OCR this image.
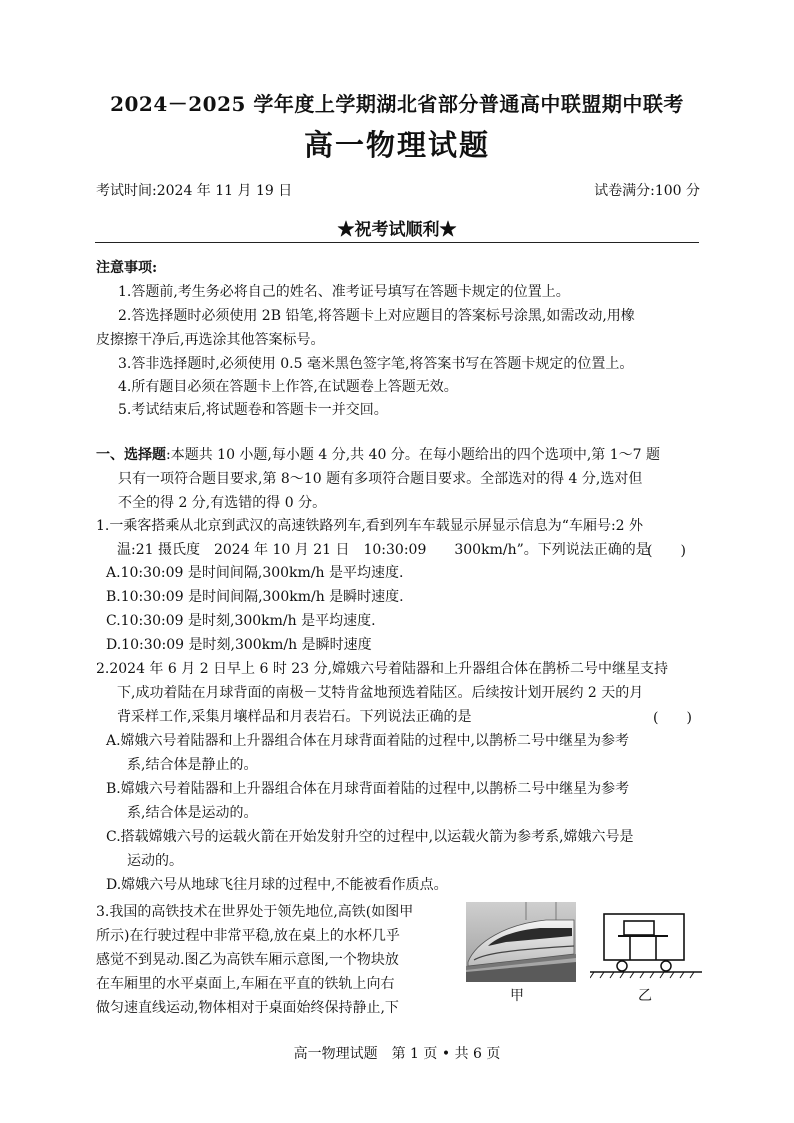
2024－2025 学年度上学期湖北省部分普通高中联盟期中联考
高一物理试题
考试时间:2024 年 11 月 19 日	试卷满分:100 分
★祝考试顺利★
注意事项:
1.答题前,考生务必将自己的姓名、准考证号填写在答题卡规定的位置上。
2.答选择题时必须使用 2B 铅笔,将答题卡上对应题目的答案标号涂黑,如需改动,用橡
皮擦擦干净后,再选涂其他答案标号。
3.答非选择题时,必须使用 0.5 毫米黑色签字笔,将答案书写在答题卡规定的位置上。
4.所有题目必须在答题卡上作答,在试题卷上答题无效。
5.考试结束后,将试题卷和答题卡一并交回。
一、选择题:本题共 10 小题,每小题 4 分,共 40 分。在每小题给出的四个选项中,第 1～7 题
只有一项符合题目要求,第 8～10 题有多项符合题目要求。全部选对的得 4 分,选对但
不全的得 2 分,有选错的得 0 分。
1.一乘客搭乘从北京到武汉的高速铁路列车,看到列车车载显示屏显示信息为“车厢号:2 外
温:21 摄氏度　2024 年 10 月 21 日　10:30:09　　300km/h”。下列说法正确的是
(　　)
A.10:30:09 是时间间隔,300km/h 是平均速度.
B.10:30:09 是时间间隔,300km/h 是瞬时速度.
C.10:30:09 是时刻,300km/h 是平均速度.
D.10:30:09 是时刻,300km/h 是瞬时速度
2.2024 年 6 月 2 日早上 6 时 23 分,嫦娥六号着陆器和上升器组合体在鹊桥二号中继星支持
下,成功着陆在月球背面的南极－艾特肯盆地预选着陆区。后续按计划开展约 2 天的月
背采样工作,采集月壤样品和月表岩石。下列说法正确的是	(　　)
A.嫦娥六号着陆器和上升器组合体在月球背面着陆的过程中,以鹊桥二号中继星为参考
系,结合体是静止的。
B.嫦娥六号着陆器和上升器组合体在月球背面着陆的过程中,以鹊桥二号中继星为参考
系,结合体是运动的。
C.搭载嫦娥六号的运载火箭在开始发射升空的过程中,以运载火箭为参考系,嫦娥六号是
运动的。
D.嫦娥六号从地球飞往月球的过程中,不能被看作质点。
3.我国的高铁技术在世界处于领先地位,高铁(如图甲
所示)在行驶过程中非常平稳,放在桌上的水杯几乎
感觉不到晃动.图乙为高铁车厢示意图,一个物块放
在车厢里的水平桌面上,车厢在平直的铁轨上向右
做匀速直线运动,物体相对于桌面始终保持静止,下
甲	乙
高一物理试题　第 1 页 • 共 6 页
